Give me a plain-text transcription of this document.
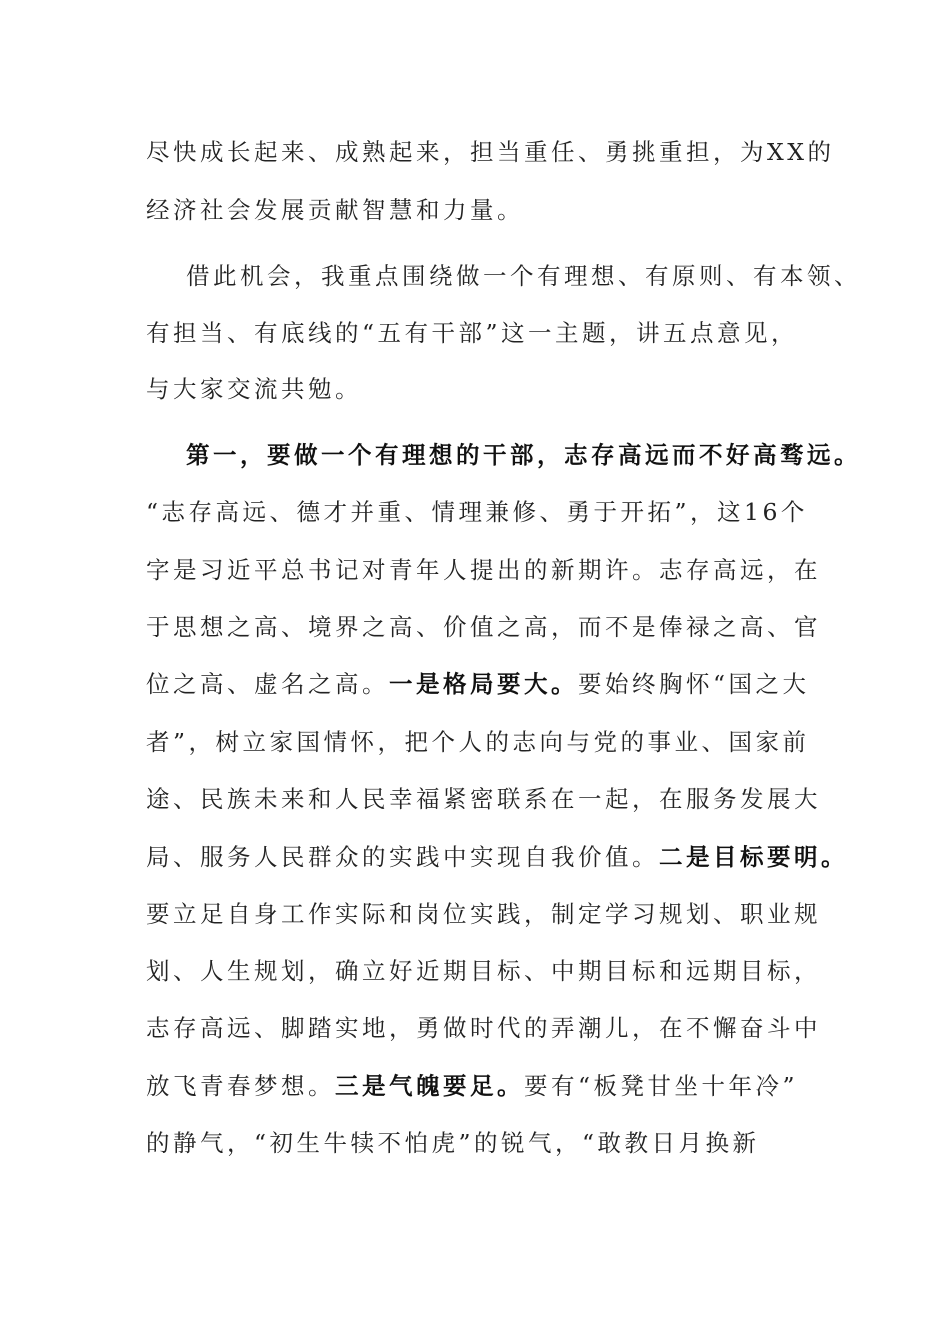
尽快成长起来、成熟起来，担当重任、勇挑重担，为XX的
经济社会发展贡献智慧和力量。
借此机会，我重点围绕做一个有理想、有原则、有本领、
有担当、有底线的“五有干部”这一主题，讲五点意见，
与大家交流共勉。
第一，要做一个有理想的干部，志存高远而不好高骛远。
“志存高远、德才并重、情理兼修、勇于开拓”，这16个
字是习近平总书记对青年人提出的新期许。志存高远，在
于思想之高、境界之高、价值之高，而不是俸禄之高、官
位之高、虚名之高。一是格局要大。要始终胸怀“国之大
者”，树立家国情怀，把个人的志向与党的事业、国家前
途、民族未来和人民幸福紧密联系在一起，在服务发展大
局、服务人民群众的实践中实现自我价值。二是目标要明。
要立足自身工作实际和岗位实践，制定学习规划、职业规
划、人生规划，确立好近期目标、中期目标和远期目标，
志存高远、脚踏实地，勇做时代的弄潮儿，在不懈奋斗中
放飞青春梦想。三是气魄要足。要有“板凳甘坐十年冷”
的静气，“初生牛犊不怕虎”的锐气，“敢教日月换新
